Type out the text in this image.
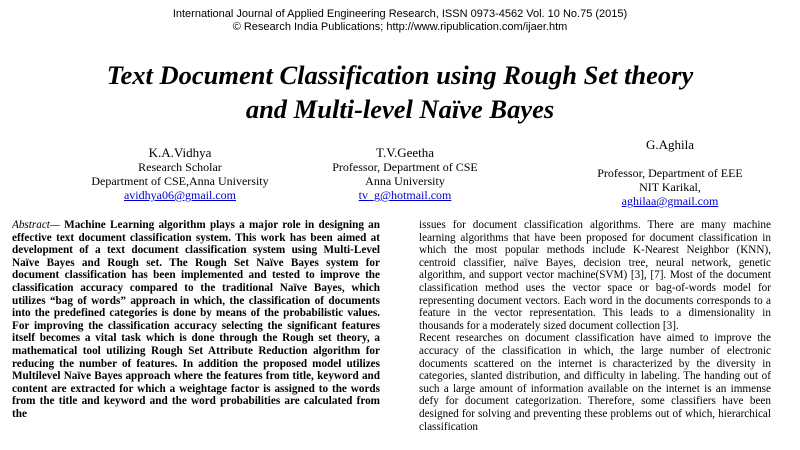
International Journal of Applied Engineering Research, ISSN 0973-4562 Vol. 10 No.75 (2015)
© Research India Publications; http://www.ripublication.com/ijaer.htm
Text Document Classification using Rough Set theory
and Multi-level Naïve Bayes
K.A.Vidhya
Research Scholar
Department of CSE,Anna University
avidhya06@gmail.com
T.V.Geetha
Professor, Department of CSE
Anna University
tv_g@hotmail.com
G.Aghila
Professor, Department of EEE
NIT Karikal,
aghilaa@gmail.com

Abstract— Machine Learning algorithm plays a major role in designing an effective text document classification system. This work has been aimed at development of a text document classification system using Multi-Level Naïve Bayes and Rough set. The Rough Set Naïve Bayes system for document classification has been implemented and tested to improve the classification accuracy compared to the traditional Naïve Bayes, which utilizes “bag of words” approach in which, the classification of documents into the predefined categories is done by means of the probabilistic values. For improving the classification accuracy selecting the significant features itself becomes a vital task which is done through the Rough set theory, a mathematical tool utilizing Rough Set Attribute Reduction algorithm for reducing the number of features. In addition the proposed model utilizes Multilevel Naïve Bayes approach where the features from title, keyword and content are extracted for which a weightage factor is assigned to the words from the title and keyword and the word probabilities are calculated from the

issues for document classification algorithms. There are many machine learning algorithms that have been proposed for document classification in which the most popular methods include K-Nearest Neighbor (KNN), centroid classifier, naïve Bayes, decision tree, neural network, genetic algorithm, and support vector machine(SVM) [3], [7]. Most of the document classification method uses the vector space or bag-of-words model for representing document vectors. Each word in the documents corresponds to a feature in the vector representation. This leads to a dimensionality in thousands for a moderately sized document collection [3].

Recent researches on document classification have aimed to improve the accuracy of the classification in which, the large number of electronic documents scattered on the internet is characterized by the diversity in categories, slanted distribution, and difficulty in labeling. The handing out of such a large amount of information available on the internet is an immense defy for document categorization. Therefore, some classifiers have been designed for solving and preventing these problems out of which, hierarchical classification
